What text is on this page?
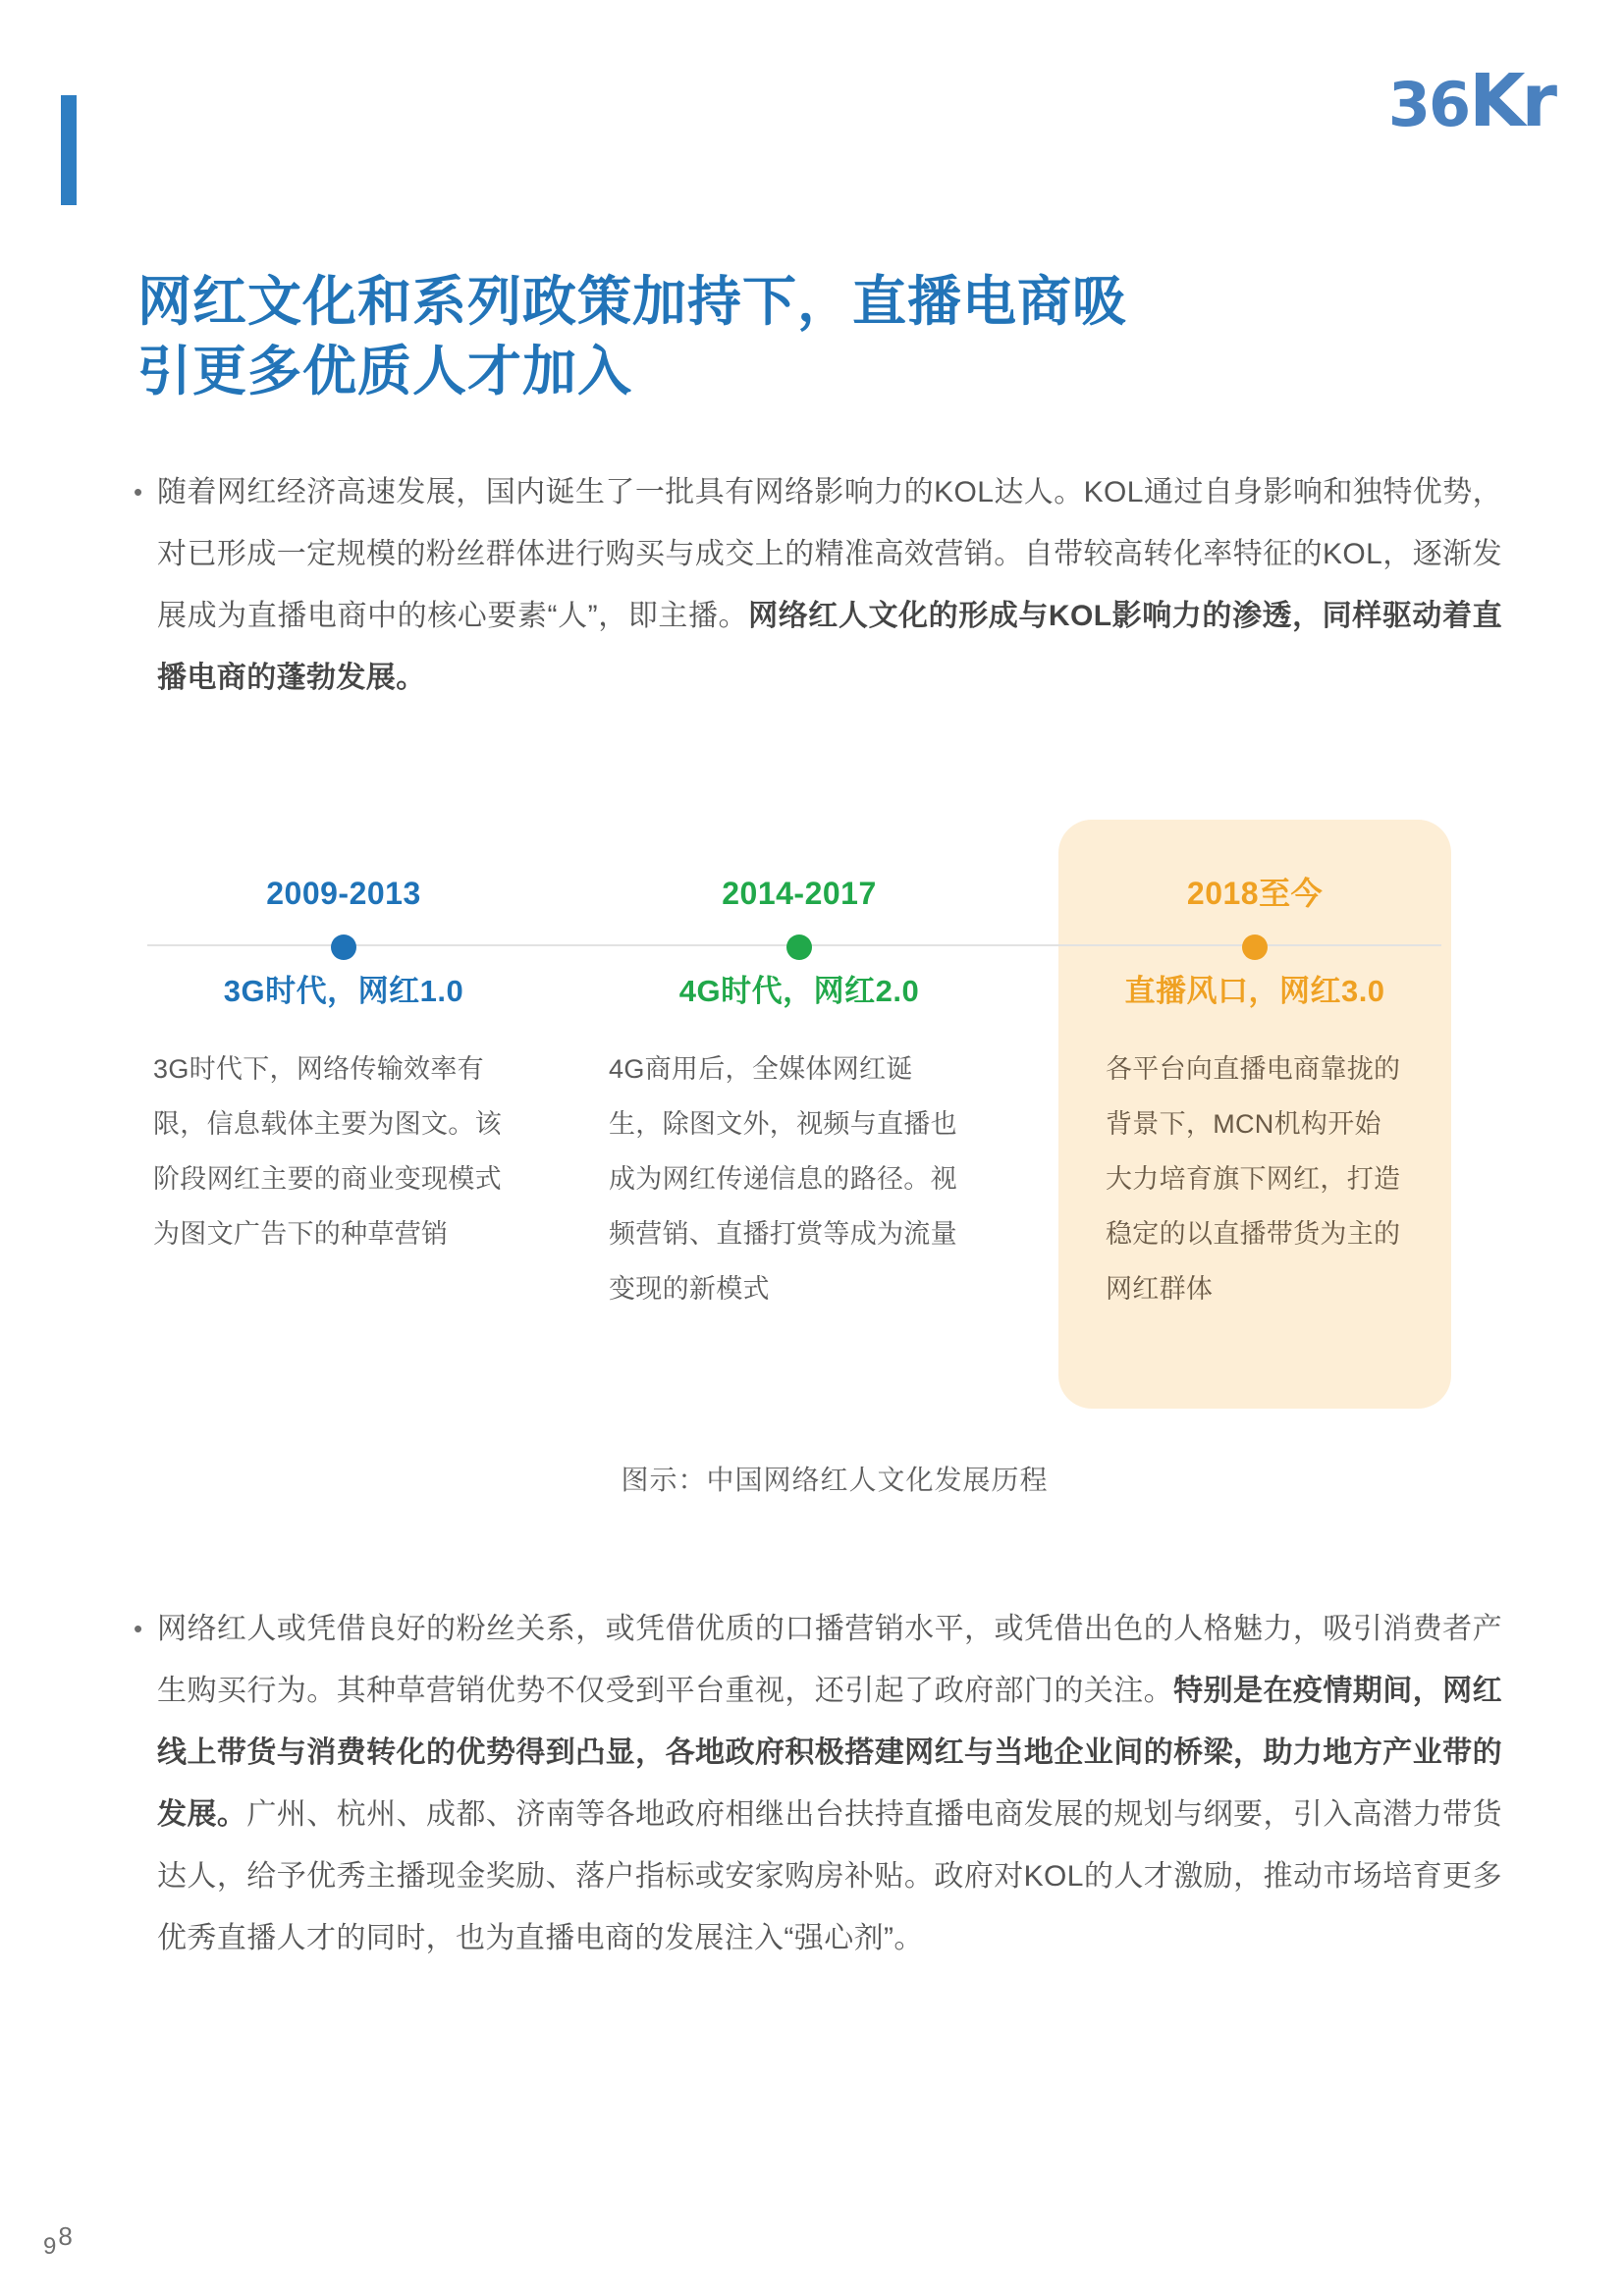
36Kr
网红文化和系列政策加持下，直播电商吸引更多优质人才加入
• 随着网红经济高速发展，国内诞生了一批具有网络影响力的KOL达人。KOL通过自身影响和独特优势，对已形成一定规模的粉丝群体进行购买与成交上的精准高效营销。自带较高转化率特征的KOL，逐渐发展成为直播电商中的核心要素“人”，即主播。网络红人文化的形成与KOL影响力的渗透，同样驱动着直播电商的蓬勃发展。
2009-2013
3G时代，网红1.0
3G时代下，网络传输效率有限，信息载体主要为图文。该阶段网红主要的商业变现模式为图文广告下的种草营销
2014-2017
4G时代，网红2.0
4G商用后，全媒体网红诞生，除图文外，视频与直播也成为网红传递信息的路径。视频营销、直播打赏等成为流量变现的新模式
2018至今
直播风口，网红3.0
各平台向直播电商靠拢的背景下，MCN机构开始大力培育旗下网红，打造稳定的以直播带货为主的网红群体
图示：中国网络红人文化发展历程
• 网络红人或凭借良好的粉丝关系，或凭借优质的口播营销水平，或凭借出色的人格魅力，吸引消费者产生购买行为。其种草营销优势不仅受到平台重视，还引起了政府部门的关注。特别是在疫情期间，网红线上带货与消费转化的优势得到凸显，各地政府积极搭建网红与当地企业间的桥梁，助力地方产业带的发展。广州、杭州、成都、济南等各地政府相继出台扶持直播电商发展的规划与纲要，引入高潜力带货达人，给予优秀主播现金奖励、落户指标或安家购房补贴。政府对KOL的人才激励，推动市场培育更多优秀直播人才的同时，也为直播电商的发展注入“强心剂”。
98
